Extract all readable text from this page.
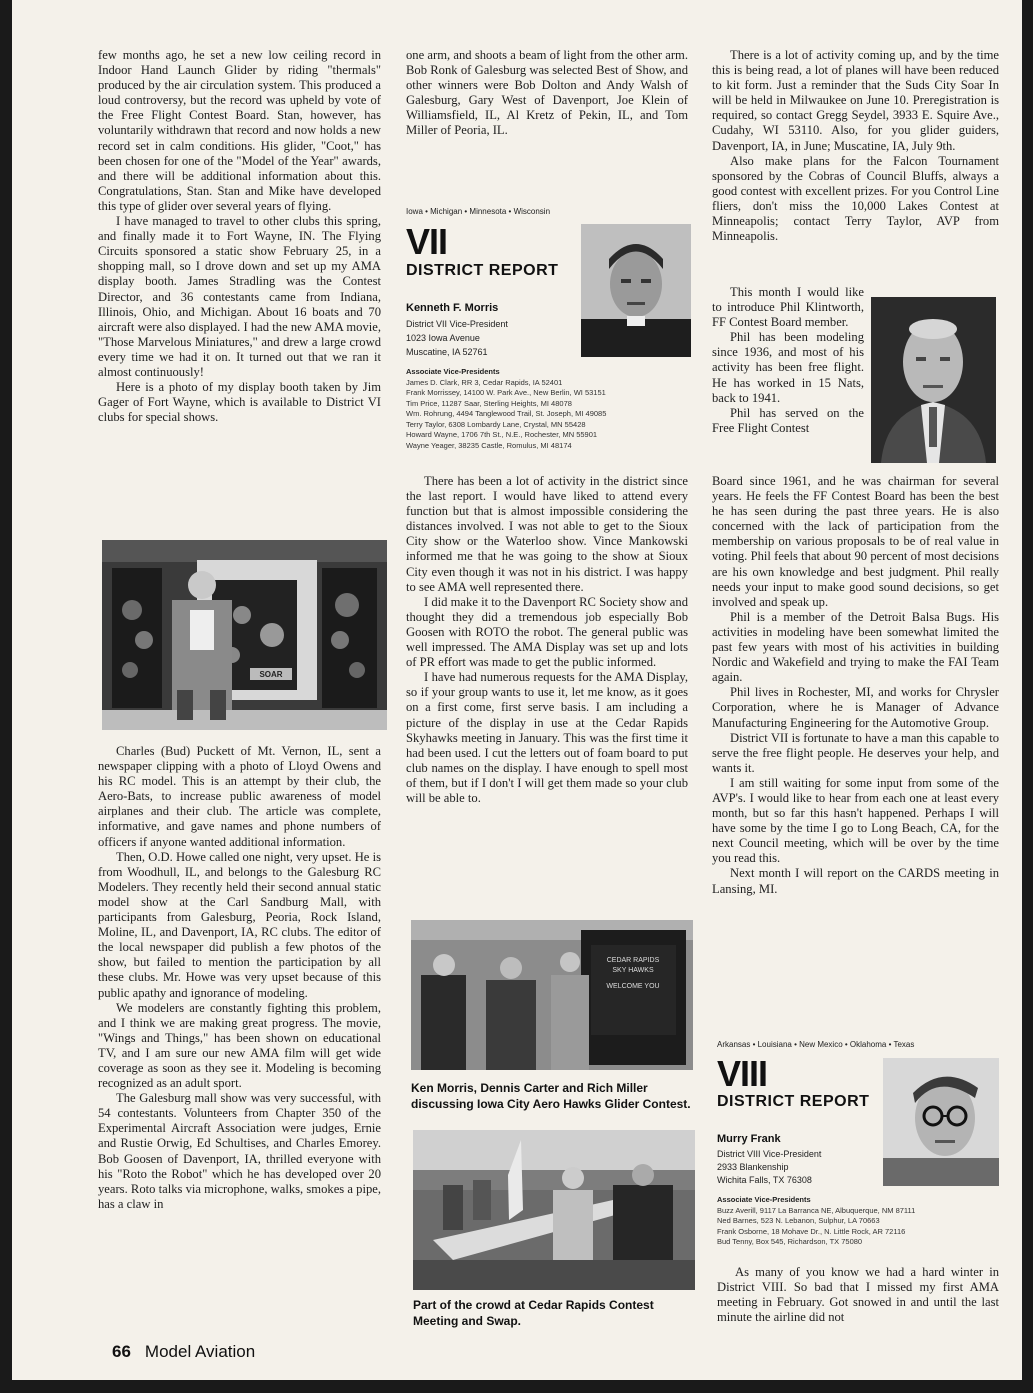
few months ago, he set a new low ceiling record in Indoor Hand Launch Glider by riding "thermals" produced by the air circulation system. This produced a loud controversy, but the record was upheld by vote of the Free Flight Contest Board. Stan, however, has voluntarily withdrawn that record and now holds a new record set in calm conditions. His glider, "Coot," has been chosen for one of the "Model of the Year" awards, and there will be additional information about this. Congratulations, Stan. Stan and Mike have developed this type of glider over several years of flying.

I have managed to travel to other clubs this spring, and finally made it to Fort Wayne, IN. The Flying Circuits sponsored a static show February 25, in a shopping mall, so I drove down and set up my AMA display booth. James Stradling was the Contest Director, and 36 contestants came from Indiana, Illinois, Ohio, and Michigan. About 16 boats and 70 aircraft were also displayed. I had the new AMA movie, "Those Marvelous Miniatures," and drew a large crowd every time we had it on. It turned out that we ran it almost continuously!

Here is a photo of my display booth taken by Jim Gager of Fort Wayne, which is available to District VI clubs for special shows.

SOAR

Charles (Bud) Puckett of Mt. Vernon, IL, sent a newspaper clipping with a photo of Lloyd Owens and his RC model. This is an attempt by their club, the Aero-Bats, to increase public awareness of model airplanes and their club. The article was complete, informative, and gave names and phone numbers of officers if anyone wanted additional information.

Then, O.D. Howe called one night, very upset. He is from Woodhull, IL, and belongs to the Galesburg RC Modelers. They recently held their second annual static model show at the Carl Sandburg Mall, with participants from Galesburg, Peoria, Rock Island, Moline, IL, and Davenport, IA, RC clubs. The editor of the local newspaper did publish a few photos of the show, but failed to mention the participation by all these clubs. Mr. Howe was very upset because of this public apathy and ignorance of modeling.

We modelers are constantly fighting this problem, and I think we are making great progress. The movie, "Wings and Things," has been shown on educational TV, and I am sure our new AMA film will get wide coverage as soon as they see it. Modeling is becoming recognized as an adult sport.

The Galesburg mall show was very successful, with 54 contestants. Volunteers from Chapter 350 of the Experimental Aircraft Association were judges, Ernie and Rustie Orwig, Ed Schultises, and Charles Emorey. Bob Goosen of Davenport, IA, thrilled everyone with his "Roto the Robot" which he has developed over 20 years. Roto talks via microphone, walks, smokes a pipe, has a claw in

one arm, and shoots a beam of light from the other arm. Bob Ronk of Galesburg was selected Best of Show, and other winners were Bob Dolton and Andy Walsh of Galesburg, Gary West of Davenport, Joe Klein of Williamsfield, IL, Al Kretz of Pekin, IL, and Tom Miller of Peoria, IL.

Iowa • Michigan • Minnesota • Wisconsin
VII
DISTRICT REPORT
Kenneth F. Morris
District VII Vice-President
1023 Iowa Avenue
Muscatine, IA 52761
Associate Vice-Presidents
James D. Clark, RR 3, Cedar Rapids, IA 52401
Frank Morrissey, 14100 W. Park Ave., New Berlin, WI 53151
Tim Price, 11287 Saar, Sterling Heights, MI 48078
Wm. Rohrung, 4494 Tanglewood Trail, St. Joseph, MI 49085
Terry Taylor, 6308 Lombardy Lane, Crystal, MN 55428
Howard Wayne, 1706 7th St., N.E., Rochester, MN 55901
Wayne Yeager, 38235 Castle, Romulus, MI 48174

There has been a lot of activity in the district since the last report. I would have liked to attend every function but that is almost impossible considering the distances involved. I was not able to get to the Sioux City show or the Waterloo show. Vince Mankowski informed me that he was going to the show at Sioux City even though it was not in his district. I was happy to see AMA well represented there.

I did make it to the Davenport RC Society show and thought they did a tremendous job especially Bob Goosen with ROTO the robot. The general public was well impressed. The AMA Display was set up and lots of PR effort was made to get the public informed.

I have had numerous requests for the AMA Display, so if your group wants to use it, let me know, as it goes on a first come, first serve basis. I am including a picture of the display in use at the Cedar Rapids Skyhawks meeting in January. This was the first time it had been used. I cut the letters out of foam board to put club names on the display. I have enough to spell most of them, but if I don't I will get them made so your club will be able to.

CEDAR RAPIDS
SKY HAWKS
WELCOME YOU
Ken Morris, Dennis Carter and Rich Miller discussing Iowa City Aero Hawks Glider Contest.
Part of the crowd at Cedar Rapids Contest Meeting and Swap.

There is a lot of activity coming up, and by the time this is being read, a lot of planes will have been reduced to kit form. Just a reminder that the Suds City Soar In will be held in Milwaukee on June 10. Preregistration is required, so contact Gregg Seydel, 3933 E. Squire Ave., Cudahy, WI 53110. Also, for you glider guiders, Davenport, IA, in June; Muscatine, IA, July 9th.

Also make plans for the Falcon Tournament sponsored by the Cobras of Council Bluffs, always a good contest with excellent prizes. For you Control Line fliers, don't miss the 10,000 Lakes Contest at Minneapolis; contact Terry Taylor, AVP from Minneapolis.

This month I would like to introduce Phil Klintworth, FF Contest Board member.

Phil has been modeling since 1936, and most of his activity has been free flight. He has worked in 15 Nats, back to 1941.

Phil has served on the Free Flight Contest

Board since 1961, and he was chairman for several years. He feels the FF Contest Board has been the best he has seen during the past three years. He is also concerned with the lack of participation from the membership on various proposals to be of real value in voting. Phil feels that about 90 percent of most decisions are his own knowledge and best judgment. Phil really needs your input to make good sound decisions, so get involved and speak up.

Phil is a member of the Detroit Balsa Bugs. His activities in modeling have been somewhat limited the past few years with most of his activities in building Nordic and Wakefield and trying to make the FAI Team again.

Phil lives in Rochester, MI, and works for Chrysler Corporation, where he is Manager of Advance Manufacturing Engineering for the Automotive Group.

District VII is fortunate to have a man this capable to serve the free flight people. He deserves your help, and wants it.

I am still waiting for some input from some of the AVP's. I would like to hear from each one at least every month, but so far this hasn't happened. Perhaps I will have some by the time I go to Long Beach, CA, for the next Council meeting, which will be over by the time you read this.

Next month I will report on the CARDS meeting in Lansing, MI.

Arkansas • Louisiana • New Mexico • Oklahoma • Texas
VIII
DISTRICT REPORT
Murry Frank
District VIII Vice-President
2933 Blankenship
Wichita Falls, TX 76308
Associate Vice-Presidents
Buzz Averill, 9117 La Barranca NE, Albuquerque, NM 87111
Ned Barnes, 523 N. Lebanon, Sulphur, LA 70663
Frank Osborne, 18 Mohave Dr., N. Little Rock, AR 72116
Bud Tenny, Box 545, Richardson, TX 75080

As many of you know we had a hard winter in District VIII. So bad that I missed my first AMA meeting in February. Got snowed in and until the last minute the airline did not

66 Model Aviation
